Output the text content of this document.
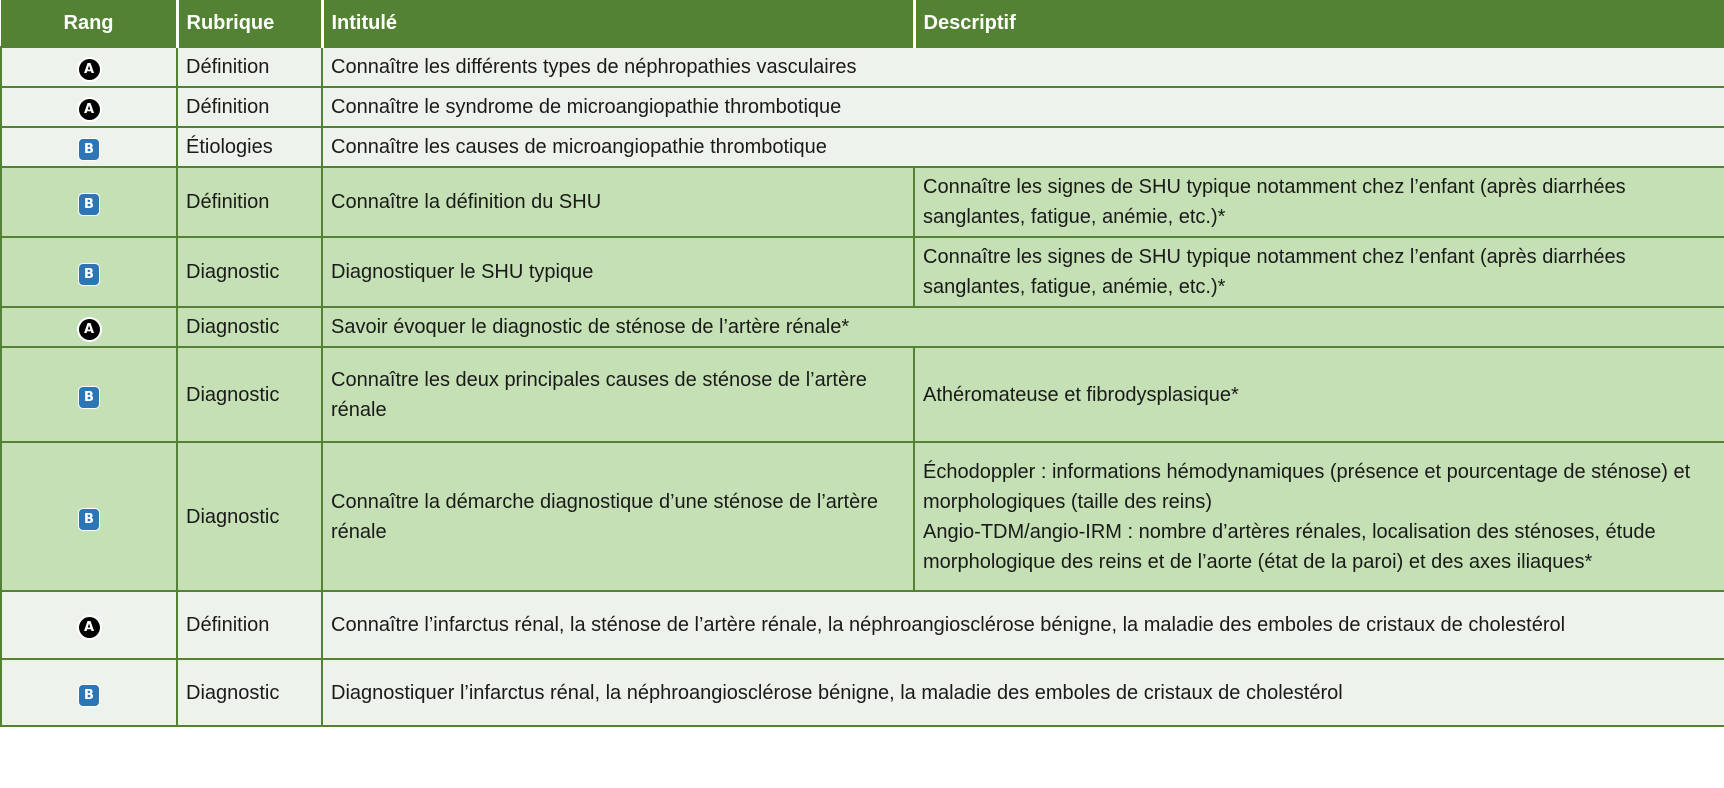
Rang	Rubrique	Intitulé	Descriptif
A	Définition	Connaître les différents types de néphropathies vasculaires	
A	Définition	Connaître le syndrome de microangiopathie thrombotique	
B	Étiologies	Connaître les causes de microangiopathie thrombotique	
B	Définition	Connaître la définition du SHU	Connaître les signes de SHU typique notamment chez l’enfant (après diarrhées sanglantes, fatigue, anémie, etc.)*

B	Diagnostic	Diagnostiquer le SHU typique	Connaître les signes de SHU typique notamment chez l’enfant (après diarrhées sanglantes, fatigue, anémie, etc.)*

A	Diagnostic	Savoir évoquer le diagnostic de sténose de l’artère rénale*	
B	Diagnostic	Connaître les deux principales causes de sténose de l’artère rénale	Athéromateuse et fibrodysplasique*

B	Diagnostic	Connaître la démarche diagnostique d’une sténose de l’artère rénale	Échodoppler : informations hémodynamiques (présence et pourcentage de sténose) et morphologiques (taille des reins)
Angio-TDM/angio-IRM : nombre d’artères rénales, localisation des sténoses, étude morphologique des reins et de l’aorte (état de la paroi) et des axes iliaques*

A	Définition	Connaître l’infarctus rénal, la sténose de l’artère rénale, la néphroangiosclérose bénigne, la maladie des emboles de cristaux de cholestérol	
B	Diagnostic	Diagnostiquer l’infarctus rénal, la néphroangiosclérose bénigne, la maladie des emboles de cristaux de cholestérol	
